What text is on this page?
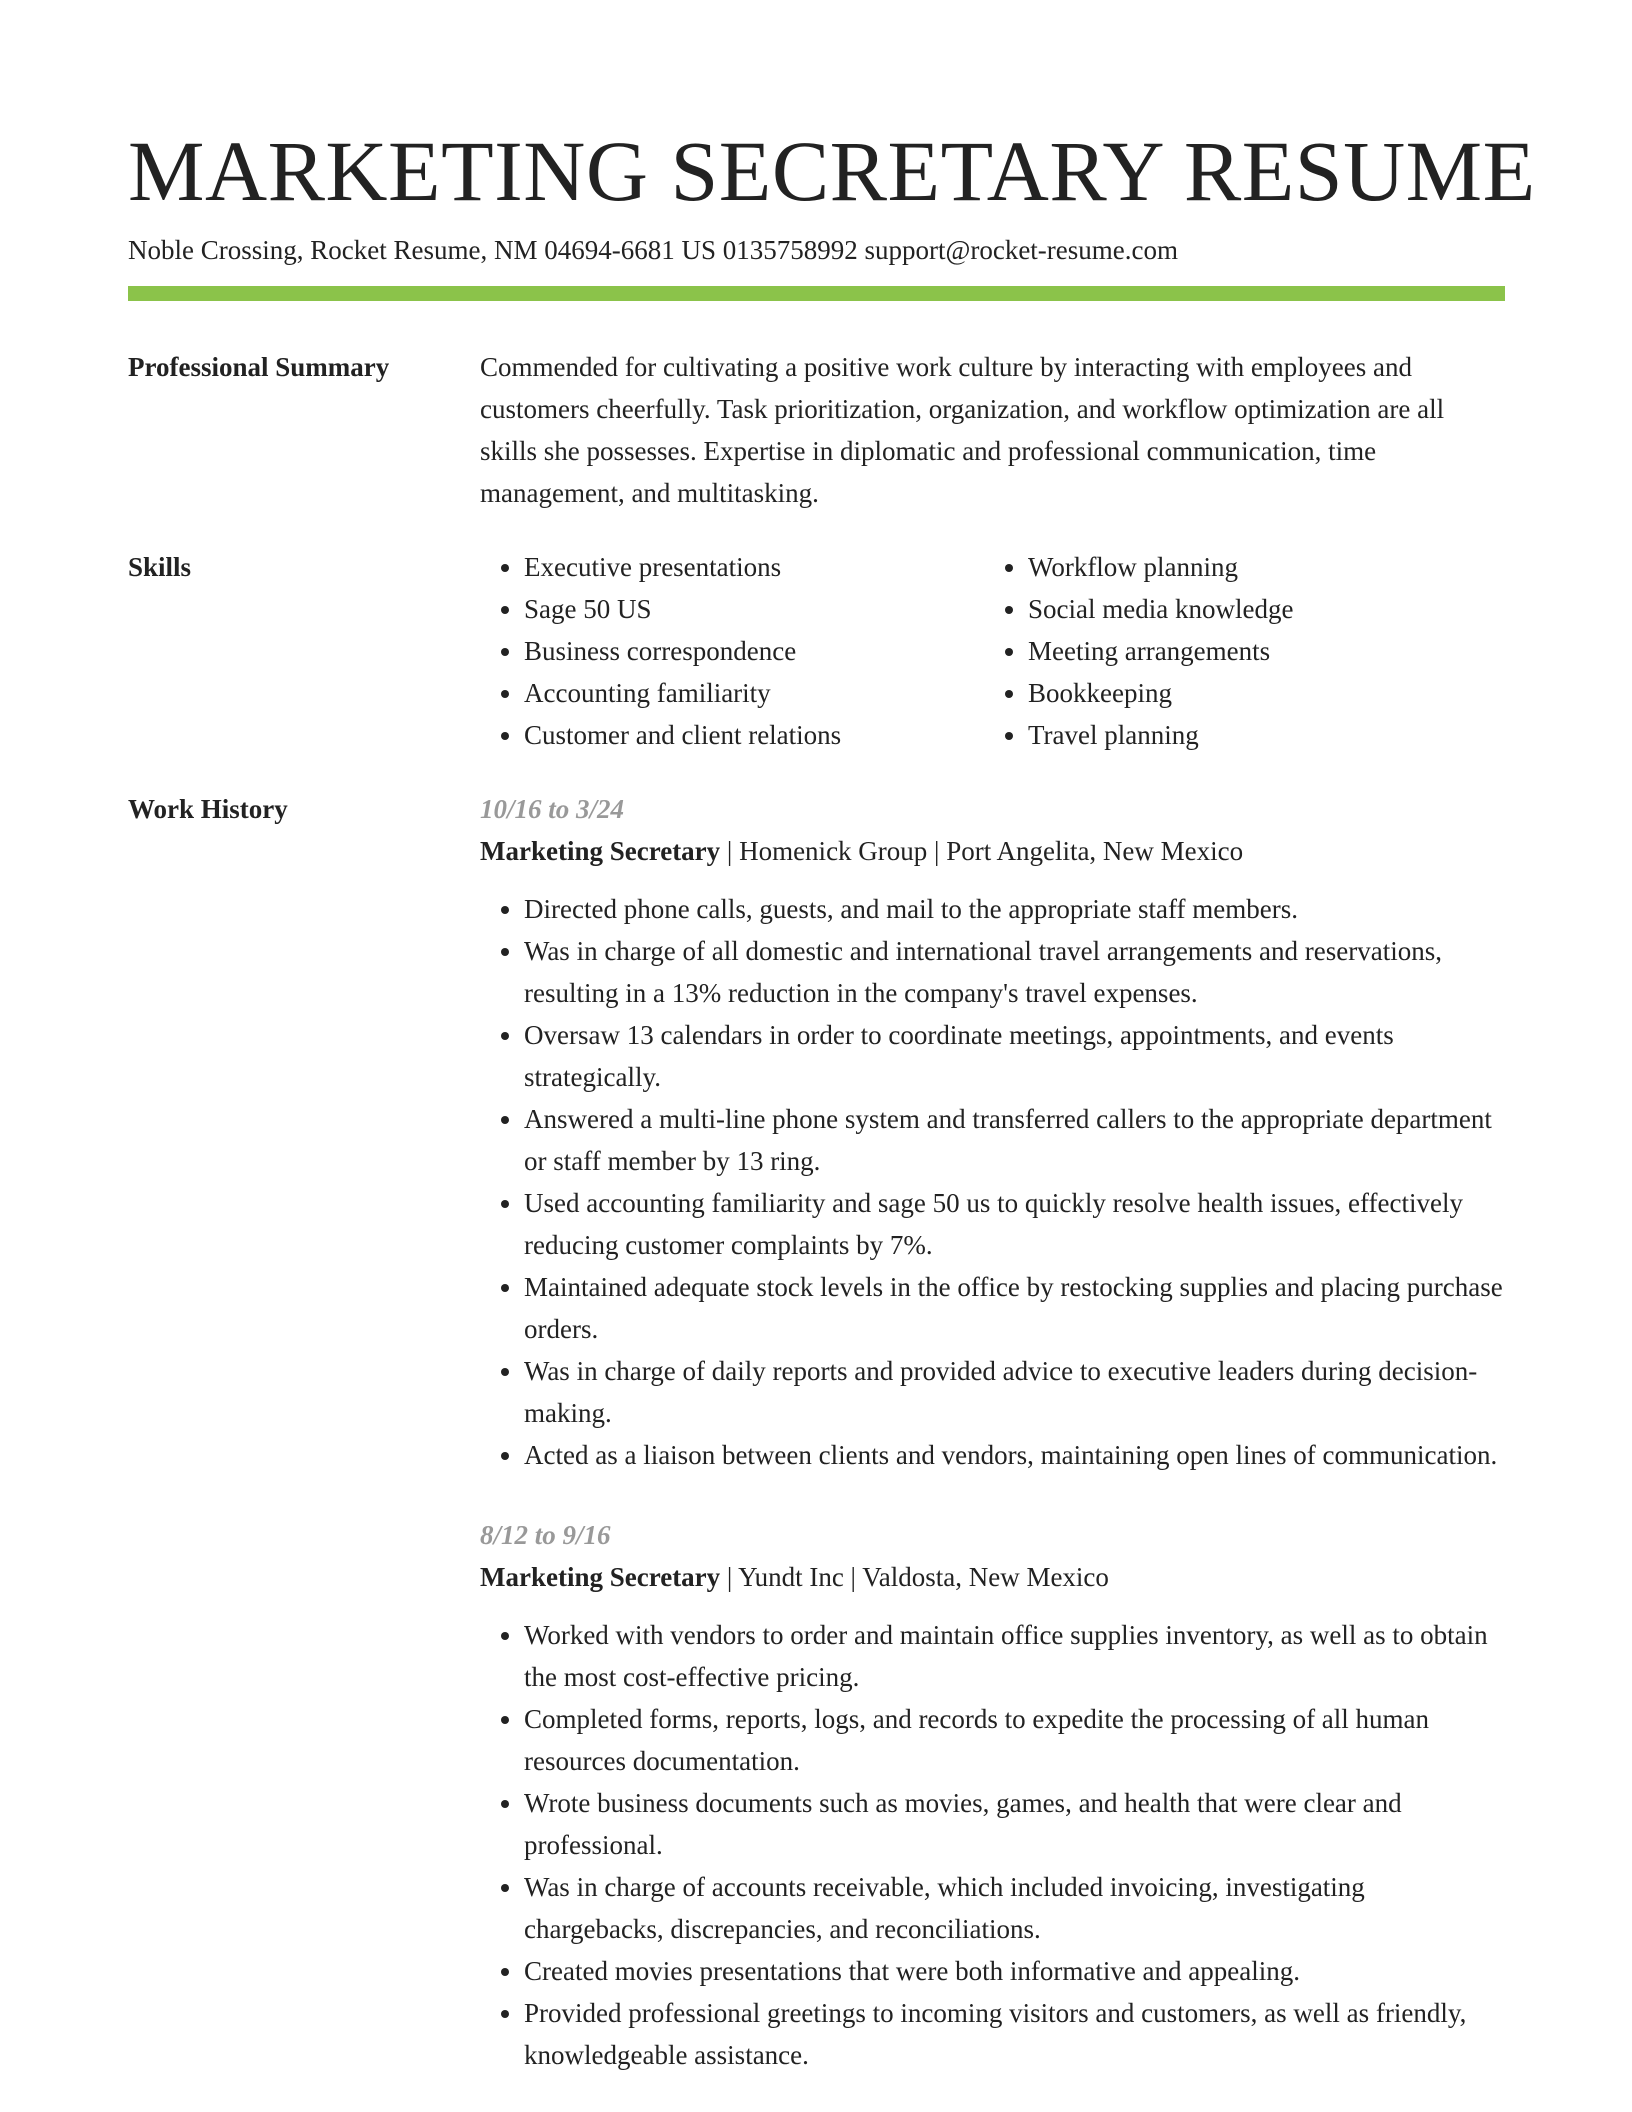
MARKETING SECRETARY RESUME
Noble Crossing, Rocket Resume, NM 04694-6681 US 0135758992 support@rocket-resume.com
Professional Summary	Commended for cultivating a positive work culture by interacting with employees and customers cheerfully. Task prioritization, organization, and workflow optimization are all skills she possesses. Expertise in diplomatic and professional communication, time management, and multitasking.

Skills
•	Executive presentations
• Sage 50 US
• Business correspondence
• Accounting familiarity
• Customer and client relations
• Workflow planning
• Social media knowledge
• Meeting arrangements
• Bookkeeping
• Travel planning
Work History	10/16 to 3/24
Marketing Secretary | Homenick Group | Port Angelita, New Mexico
• Directed phone calls, guests, and mail to the appropriate staff members.
• Was in charge of all domestic and international travel arrangements and reservations, resulting in a 13% reduction in the company's travel expenses.
• Oversaw 13 calendars in order to coordinate meetings, appointments, and events strategically.
• Answered a multi-line phone system and transferred callers to the appropriate department or staff member by 13 ring.
• Used accounting familiarity and sage 50 us to quickly resolve health issues, effectively reducing customer complaints by 7%.
• Maintained adequate stock levels in the office by restocking supplies and placing purchase orders.
• Was in charge of daily reports and provided advice to executive leaders during decision-making.
• Acted as a liaison between clients and vendors, maintaining open lines of communication.
8/12 to 9/16
Marketing Secretary | Yundt Inc | Valdosta, New Mexico
• Worked with vendors to order and maintain office supplies inventory, as well as to obtain the most cost-effective pricing.
• Completed forms, reports, logs, and records to expedite the processing of all human resources documentation.
• Wrote business documents such as movies, games, and health that were clear and professional.
• Was in charge of accounts receivable, which included invoicing, investigating chargebacks, discrepancies, and reconciliations.
• Created movies presentations that were both informative and appealing.
• Provided professional greetings to incoming visitors and customers, as well as friendly, knowledgeable assistance.
